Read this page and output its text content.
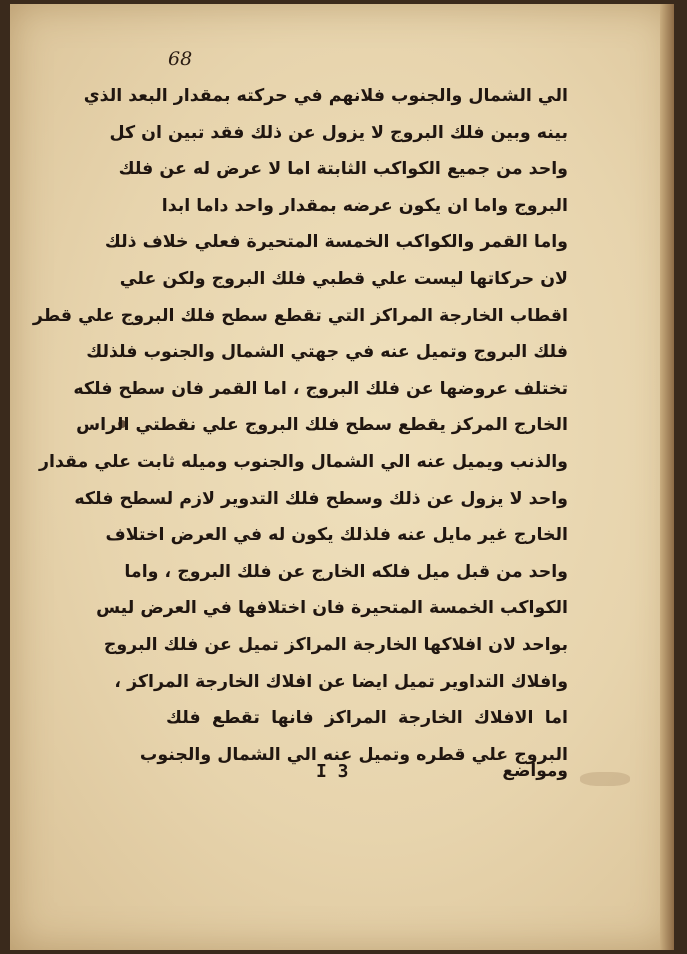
68
الي الشمال والجنوب فلانهم في حركته بمقدار البعد الذي
بينه وبين فلك البروج لا يزول عن ذلك فقد تبين ان كل
واحد من جميع الكواكب الثابتة اما لا عرض له عن فلك
البروج واما ان يكون عرضه بمقدار واحد داما ابدا
واما القمر والكواكب الخمسة المتحيرة فعلي خلاف ذلك
لان حركاتها ليست علي قطبي فلك البروج ولكن علي
اقطاب الخارجة المراكز التي تقطع سطح فلك البروج علي قطر
فلك البروج وتميل عنه في جهتي الشمال والجنوب فلذلك
تختلف عروضها عن فلك البروج ، اما القمر فان سطح فلكه
الخارج المركز يقطع سطح فلك البروج علي نقطتي الراس
والذنب ويميل عنه الي الشمال والجنوب وميله ثابت علي مقدار
واحد لا يزول عن ذلك وسطح فلك التدوير لازم لسطح فلكه
الخارج غير مايل عنه فلذلك يكون له في العرض اختلاف
واحد من قبل ميل فلكه الخارج عن فلك البروج ، واما
الكواكب الخمسة المتحيرة فان اختلافها في العرض ليس
بواحد لان افلاكها الخارجة المراكز تميل عن فلك البروج
وافلاك التداوير تميل ايضا عن افلاك الخارجة المراكز ،
اما الافلاك الخارجة المراكز فانها تقطع فلك
البروج علي قطره وتميل عنه الي الشمال والجنوب
I 3	ومواضع
